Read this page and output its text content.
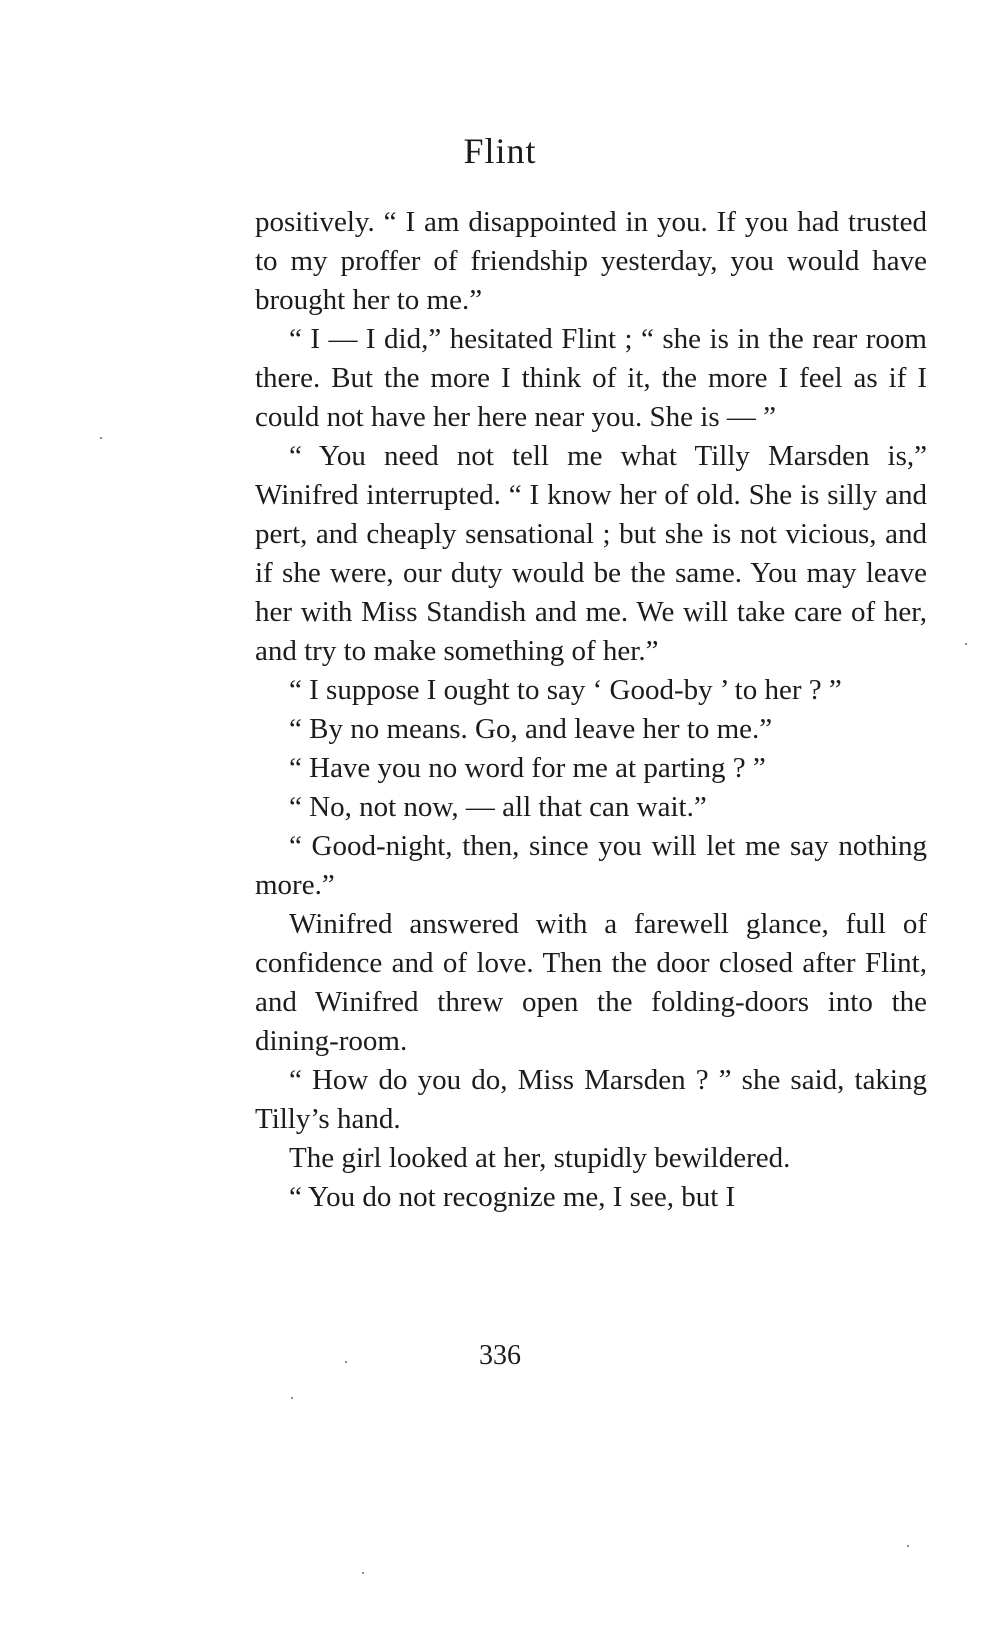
Flint

positively. “ I am disappointed in you. If you had trusted to my proffer of friendship yesterday, you would have brought her to me.”

“ I — I did,” hesitated Flint ; “ she is in the rear room there. But the more I think of it, the more I feel as if I could not have her here near you. She is — ”

“ You need not tell me what Tilly Marsden is,” Winifred interrupted. “ I know her of old. She is silly and pert, and cheaply sensational ; but she is not vicious, and if she were, our duty would be the same. You may leave her with Miss Standish and me. We will take care of her, and try to make something of her.”

“ I suppose I ought to say ‘ Good-by ’ to her ? ”

“ By no means. Go, and leave her to me.”

“ Have you no word for me at parting ? ”

“ No, not now, — all that can wait.”

“ Good-night, then, since you will let me say nothing more.”

Winifred answered with a farewell glance, full of confidence and of love. Then the door closed after Flint, and Winifred threw open the folding-doors into the dining-room.

“ How do you do, Miss Marsden ? ” she said, taking Tilly’s hand.

The girl looked at her, stupidly bewildered.

“ You do not recognize me, I see, but I

336
